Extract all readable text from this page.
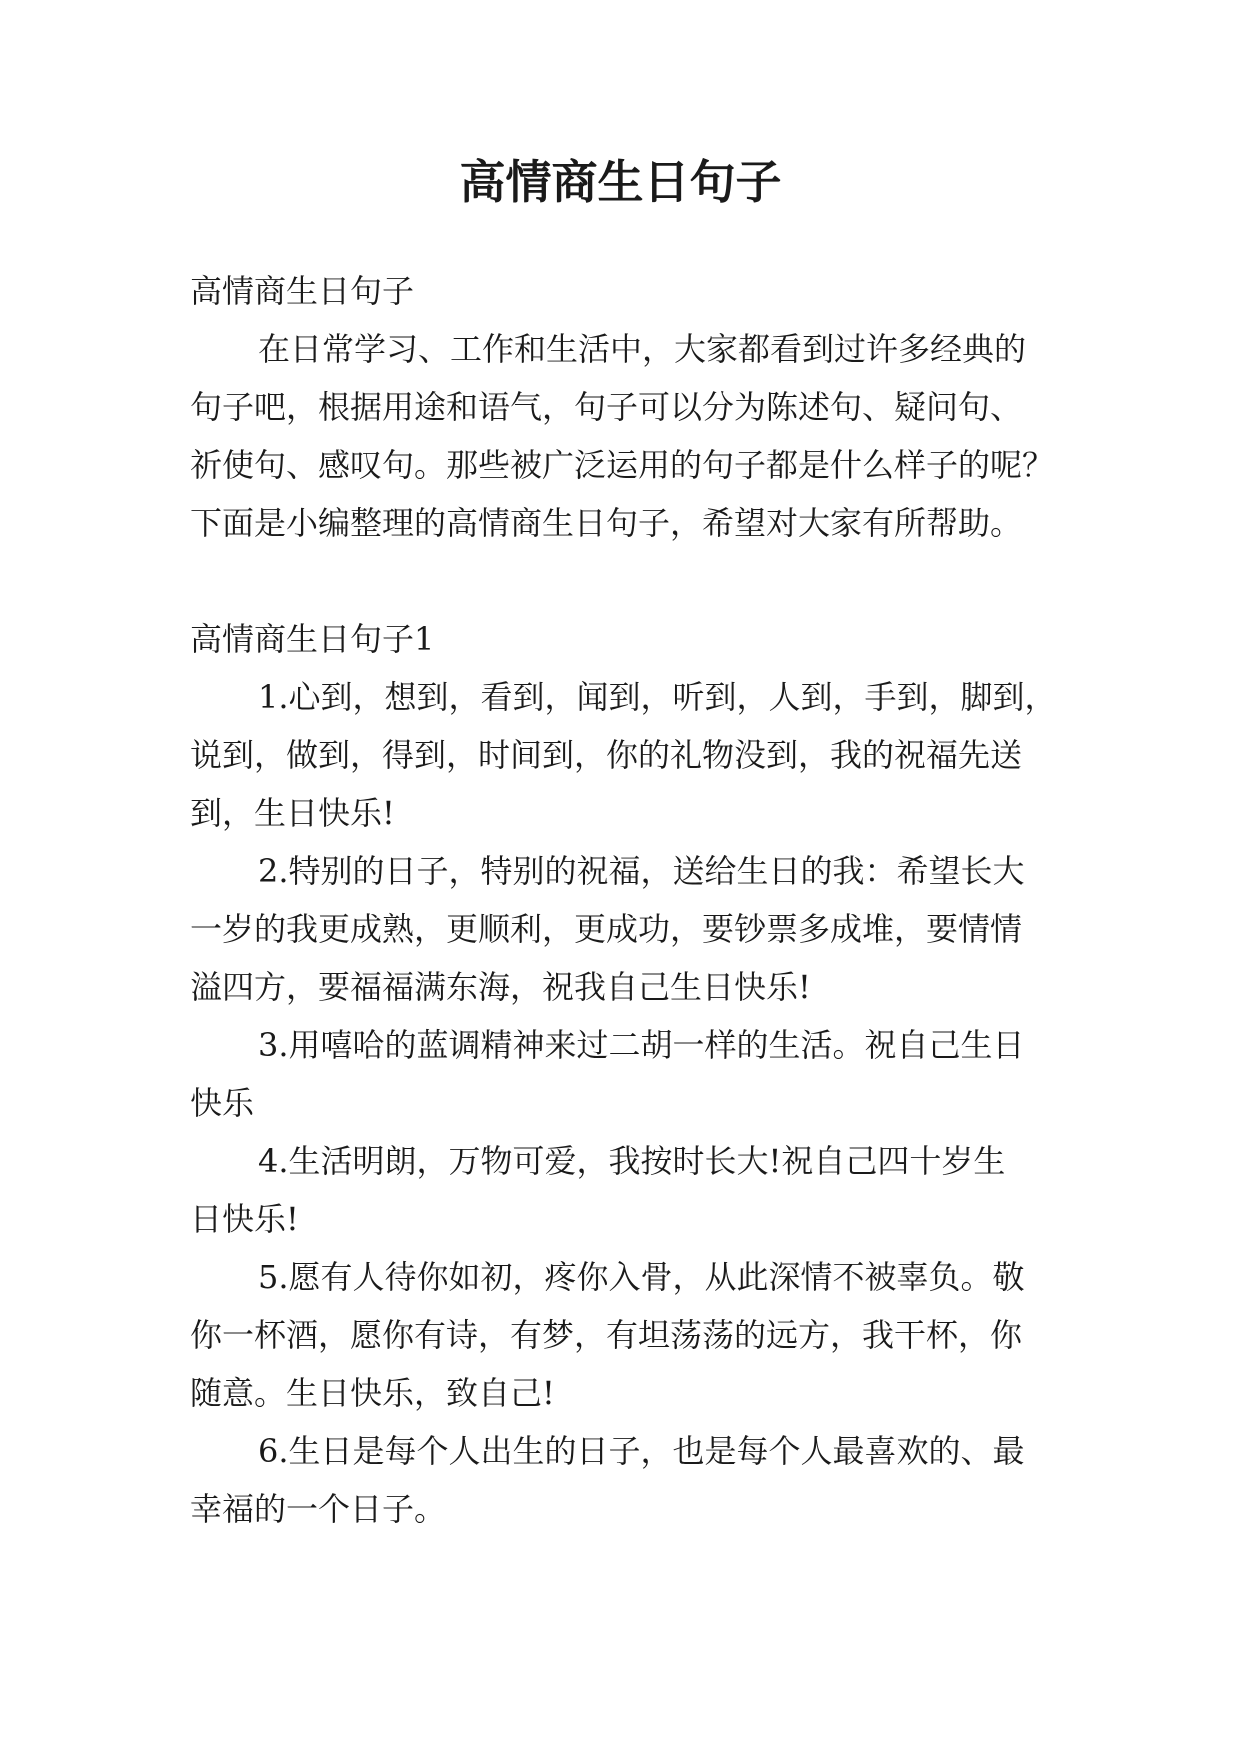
高情商生日句子
高情商生日句子
在日常学习、工作和生活中，大家都看到过许多经典的
句子吧，根据用途和语气，句子可以分为陈述句、疑问句、
祈使句、感叹句。那些被广泛运用的句子都是什么样子的呢？
下面是小编整理的高情商生日句子，希望对大家有所帮助。
高情商生日句子1
1.心到，想到，看到，闻到，听到，人到，手到，脚到，
说到，做到，得到，时间到，你的礼物没到，我的祝福先送
到，生日快乐!
2.特别的日子，特别的祝福，送给生日的我：希望长大
一岁的我更成熟，更顺利，更成功，要钞票多成堆，要情情
溢四方，要福福满东海，祝我自己生日快乐!
3.用嘻哈的蓝调精神来过二胡一样的生活。祝自己生日
快乐
4.生活明朗，万物可爱，我按时长大!祝自己四十岁生
日快乐!
5.愿有人待你如初，疼你入骨，从此深情不被辜负。敬
你一杯酒，愿你有诗，有梦，有坦荡荡的远方，我干杯，你
随意。生日快乐，致自己!
6.生日是每个人出生的日子，也是每个人最喜欢的、最
幸福的一个日子。
